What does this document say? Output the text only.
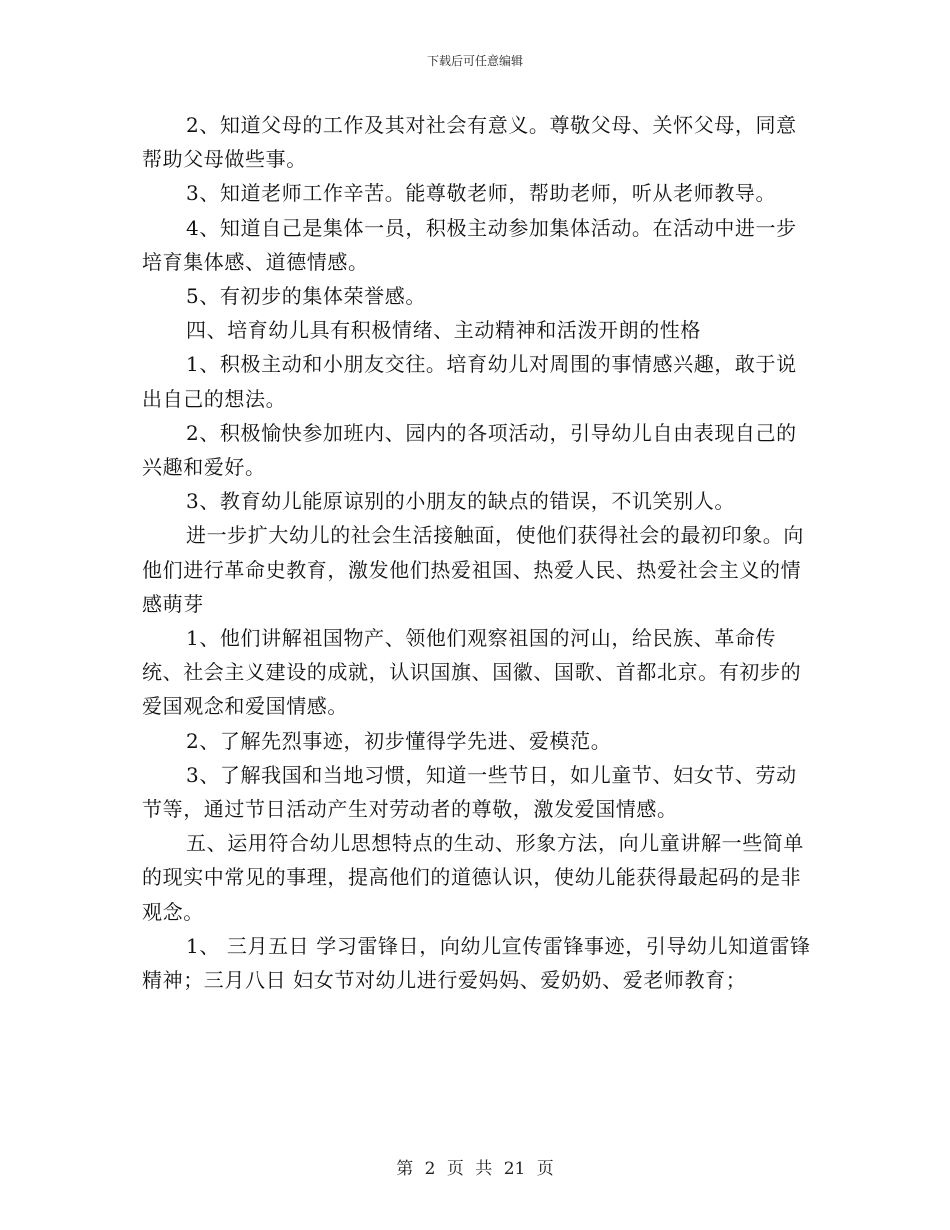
下载后可任意编辑

2、知道父母的工作及其对社会有意义。尊敬父母、关怀父母，同意帮助父母做些事。

3、知道老师工作辛苦。能尊敬老师，帮助老师，听从老师教导。

4、知道自己是集体一员，积极主动参加集体活动。在活动中进一步培育集体感、道德情感。

5、有初步的集体荣誉感。

四、培育幼儿具有积极情绪、主动精神和活泼开朗的性格

1、积极主动和小朋友交往。培育幼儿对周围的事情感兴趣，敢于说出自己的想法。

2、积极愉快参加班内、园内的各项活动，引导幼儿自由表现自己的兴趣和爱好。

3、教育幼儿能原谅别的小朋友的缺点的错误，不讥笑别人。

进一步扩大幼儿的社会生活接触面，使他们获得社会的最初印象。向他们进行革命史教育，激发他们热爱祖国、热爱人民、热爱社会主义的情感萌芽

1、他们讲解祖国物产、领他们观察祖国的河山，给民族、革命传统、社会主义建设的成就，认识国旗、国徽、国歌、首都北京。有初步的爱国观念和爱国情感。

2、了解先烈事迹，初步懂得学先进、爱模范。

3、了解我国和当地习惯，知道一些节日，如儿童节、妇女节、劳动节等，通过节日活动产生对劳动者的尊敬，激发爱国情感。

五、运用符合幼儿思想特点的生动、形象方法，向儿童讲解一些简单的现实中常见的事理，提高他们的道德认识，使幼儿能获得最起码的是非观念。

1、 三月五日 学习雷锋日，向幼儿宣传雷锋事迹，引导幼儿知道雷锋精神；三月八日 妇女节对幼儿进行爱妈妈、爱奶奶、爱老师教育；

第 2 页 共 21 页
